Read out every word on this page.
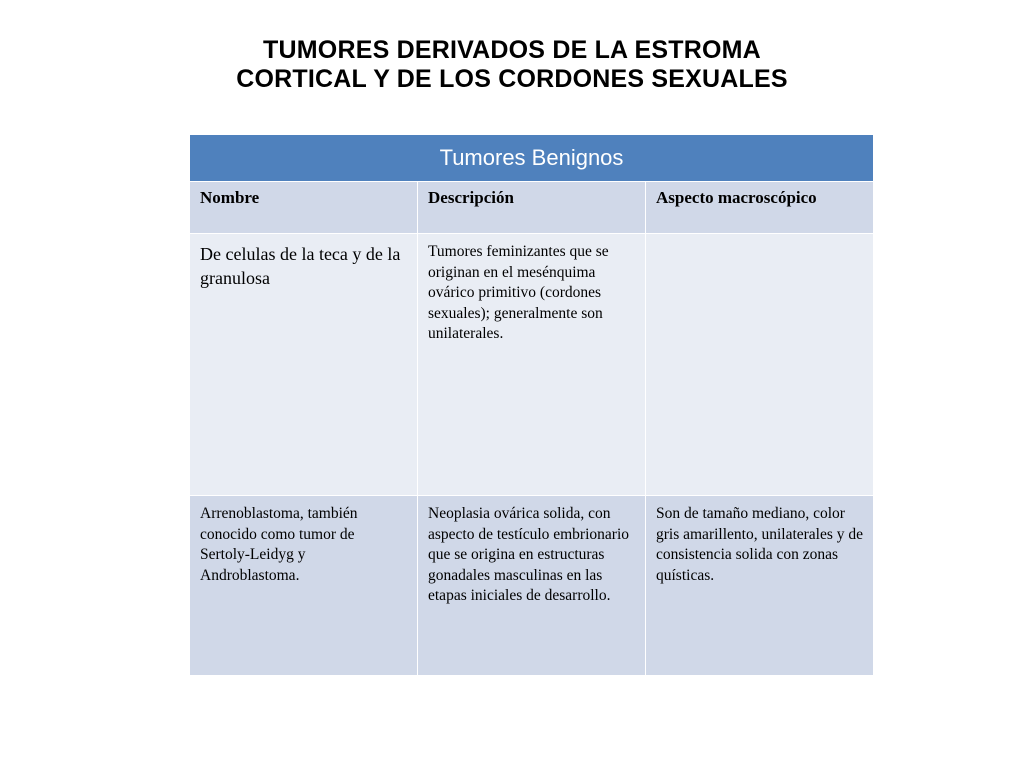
TUMORES DERIVADOS DE LA ESTROMA
CORTICAL Y DE LOS CORDONES SEXUALES
Tumores Benignos		
Nombre	Descripción	Aspecto macroscópico
De celulas de la teca y de la granulosa	Tumores feminizantes que se originan en el mesénquima ovárico primitivo (cordones sexuales); generalmente son unilaterales.	
Arrenoblastoma, también conocido como tumor de Sertoly-Leidyg y Androblastoma.	Neoplasia ovárica solida, con aspecto de testículo embrionario que se origina en estructuras gonadales masculinas en las etapas iniciales de desarrollo.	Son de tamaño mediano, color gris amarillento, unilaterales y de consistencia solida con zonas quísticas.
